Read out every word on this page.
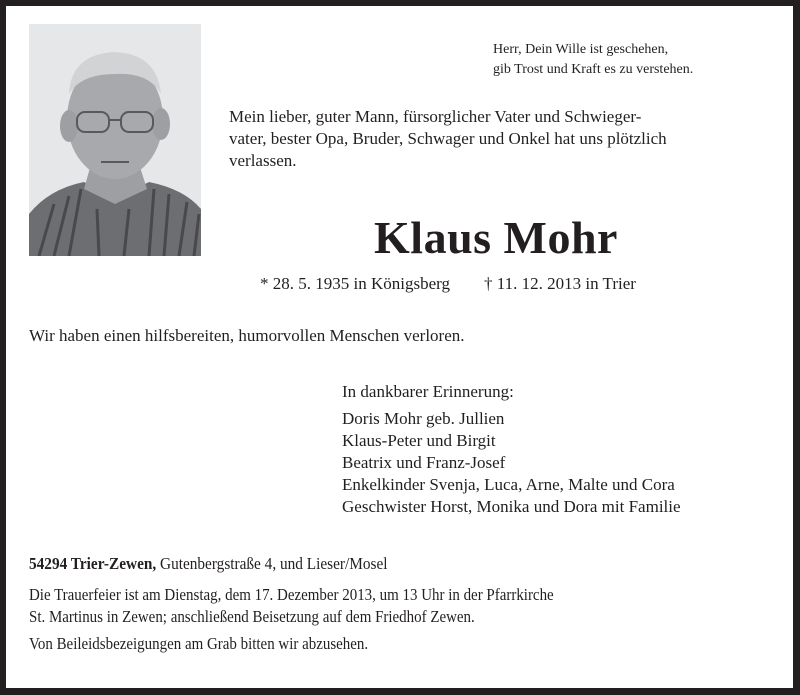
Herr, Dein Wille ist geschehen,
gib Trost und Kraft es zu verstehen.
Mein lieber, guter Mann, fürsorglicher Vater und Schwieger-
vater, bester Opa, Bruder, Schwager und Onkel hat uns plötzlich
verlassen.
Klaus Mohr
* 28. 5. 1935 in Königsberg † 11. 12. 2013 in Trier
Wir haben einen hilfsbereiten, humorvollen Menschen verloren.
In dankbarer Erinnerung:
Doris Mohr geb. Jullien
Klaus-Peter und Birgit
Beatrix und Franz-Josef
Enkelkinder Svenja, Luca, Arne, Malte und Cora
Geschwister Horst, Monika und Dora mit Familie
54294 Trier-Zewen, Gutenbergstraße 4, und Lieser/Mosel
Die Trauerfeier ist am Dienstag, dem 17. Dezember 2013, um 13 Uhr in der Pfarrkirche
St. Martinus in Zewen; anschließend Beisetzung auf dem Friedhof Zewen.
Von Beileidsbezeigungen am Grab bitten wir abzusehen.
